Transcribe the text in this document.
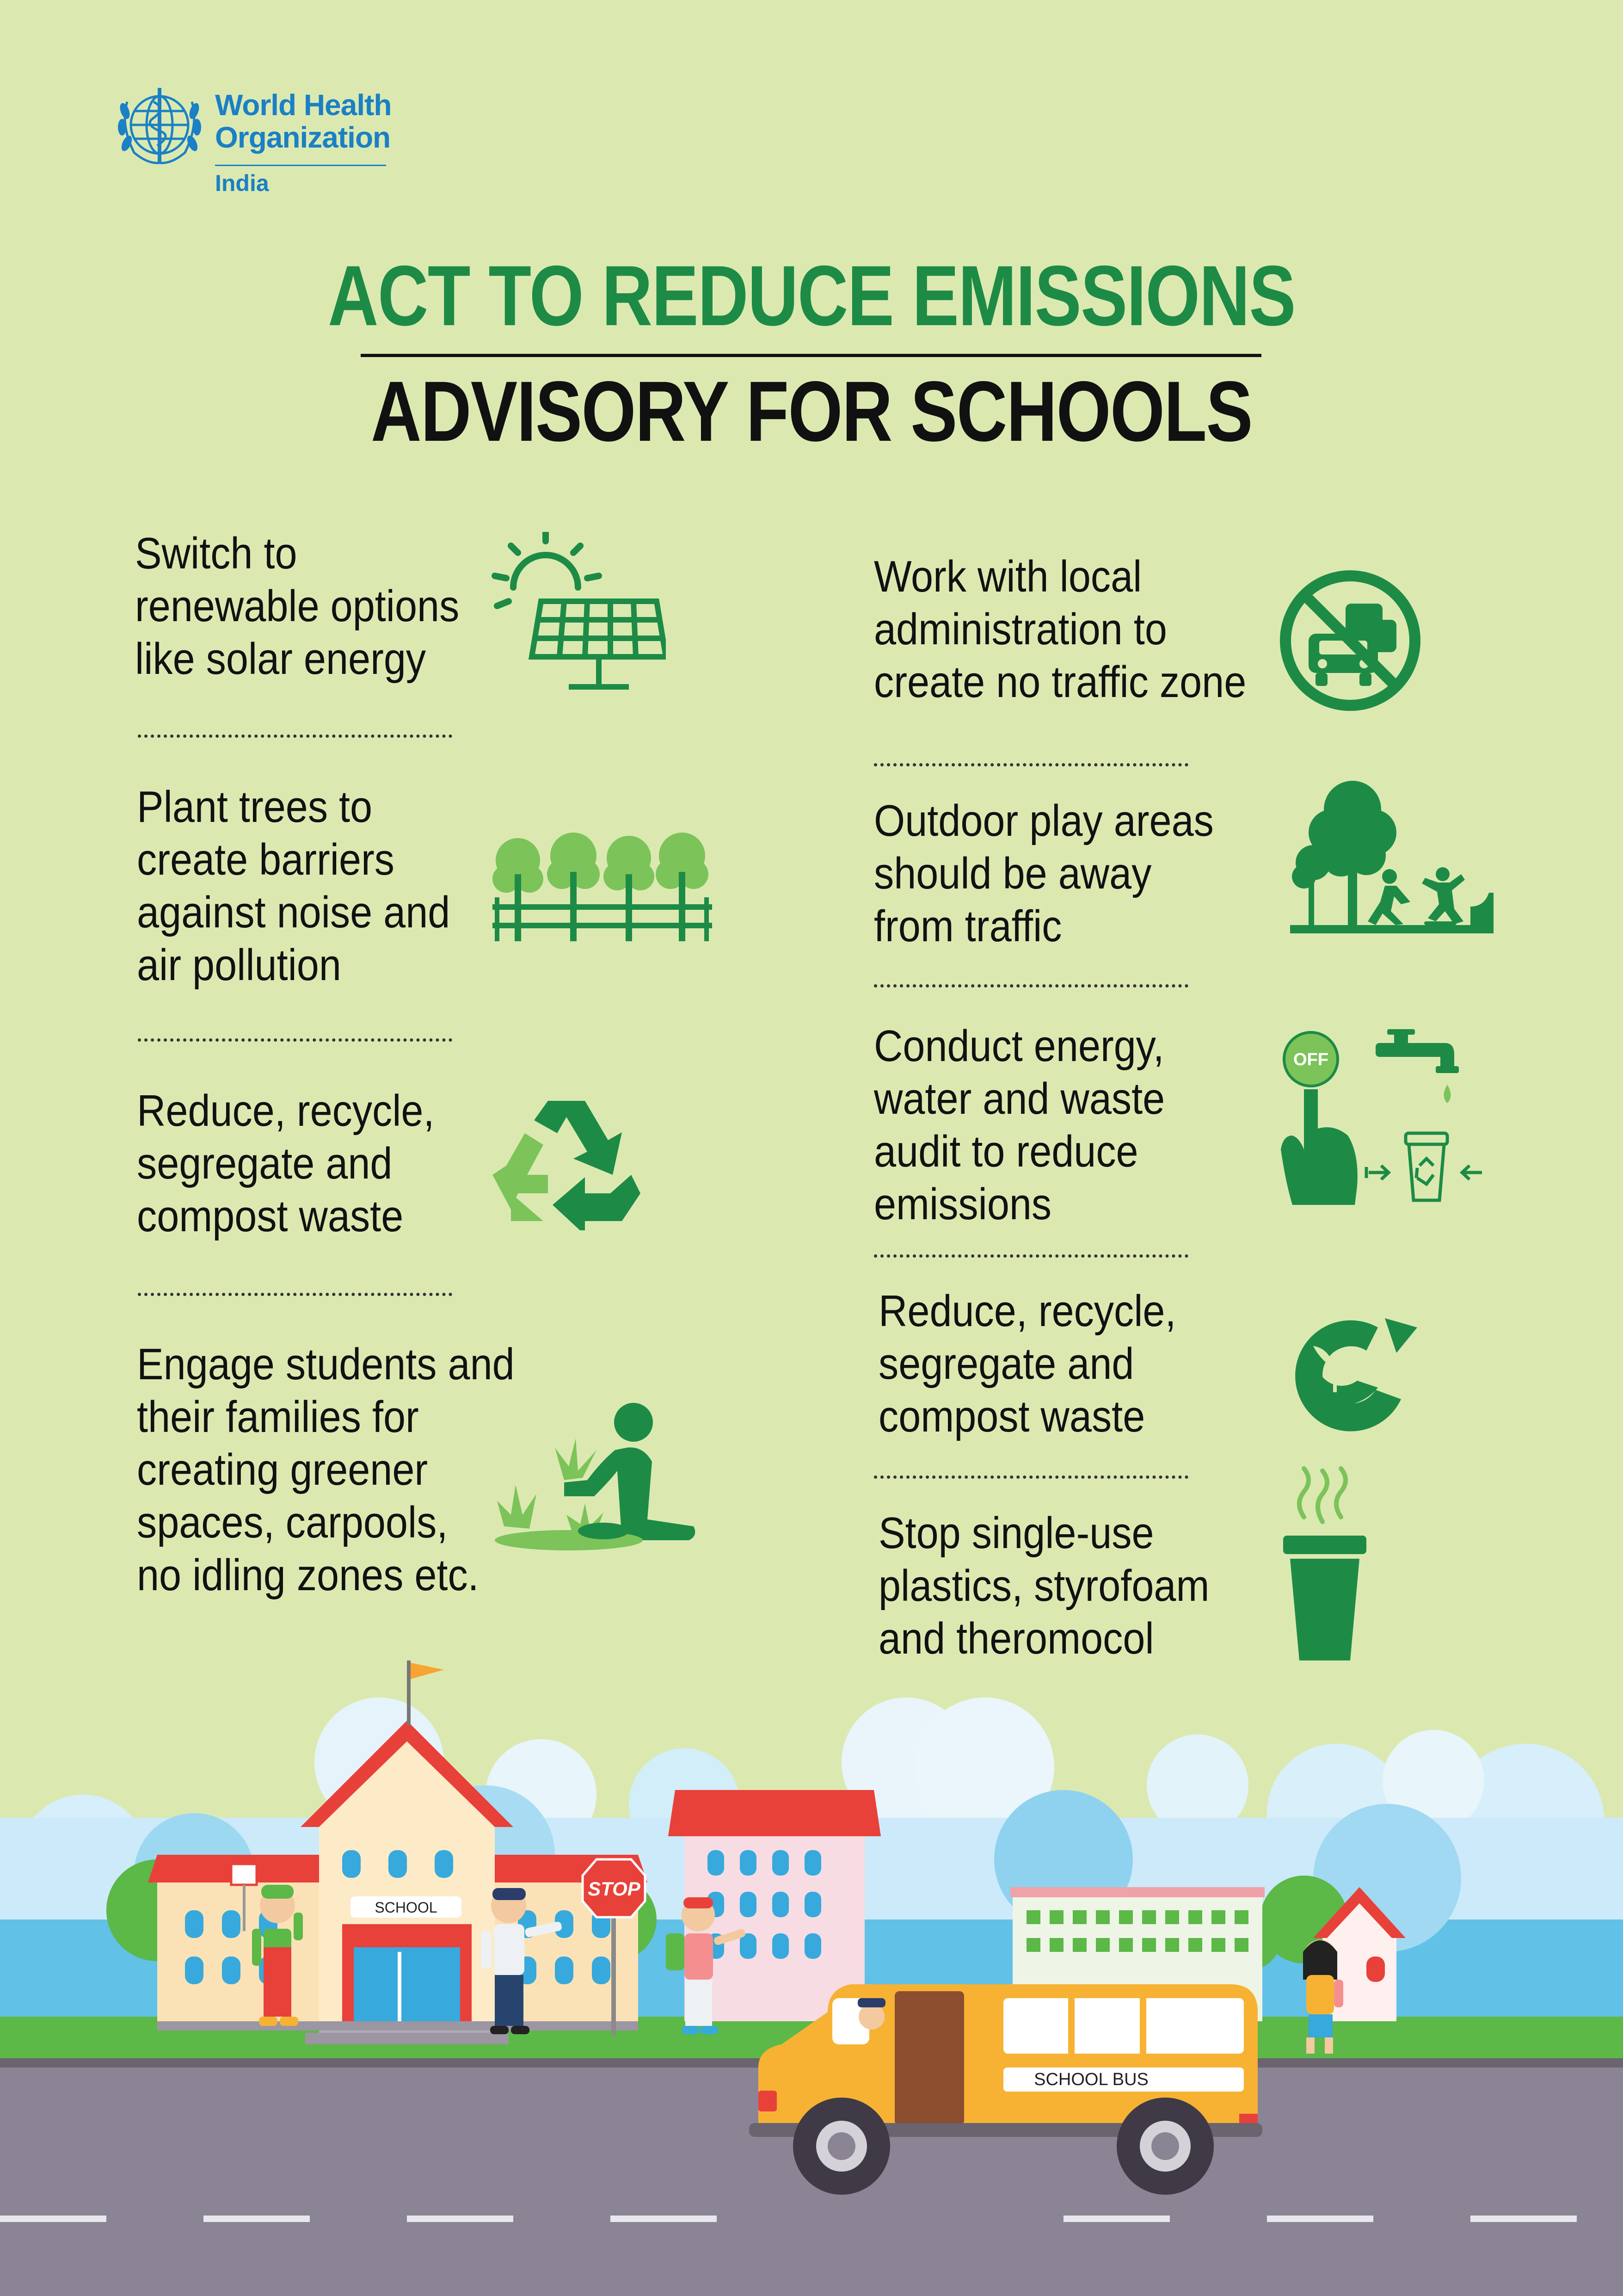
World Health
Organization
India
ACT TO REDUCE EMISSIONS
ADVISORY FOR SCHOOLS
Switch to
renewable options
like solar energy
Plant trees to
create barriers
against noise and
air pollution
Reduce, recycle,
segregate and
compost waste
Engage students and
their families for
creating greener
spaces, carpools,
no idling zones etc.
Work with local
administration to
create no traffic zone
Outdoor play areas
should be away
from traffic
Conduct energy,
water and waste
audit to reduce
emissions
OFF
Reduce, recycle,
segregate and
compost waste
Stop single-use
plastics, styrofoam
and theromocol
SCHOOL
STOP
SCHOOL BUS
